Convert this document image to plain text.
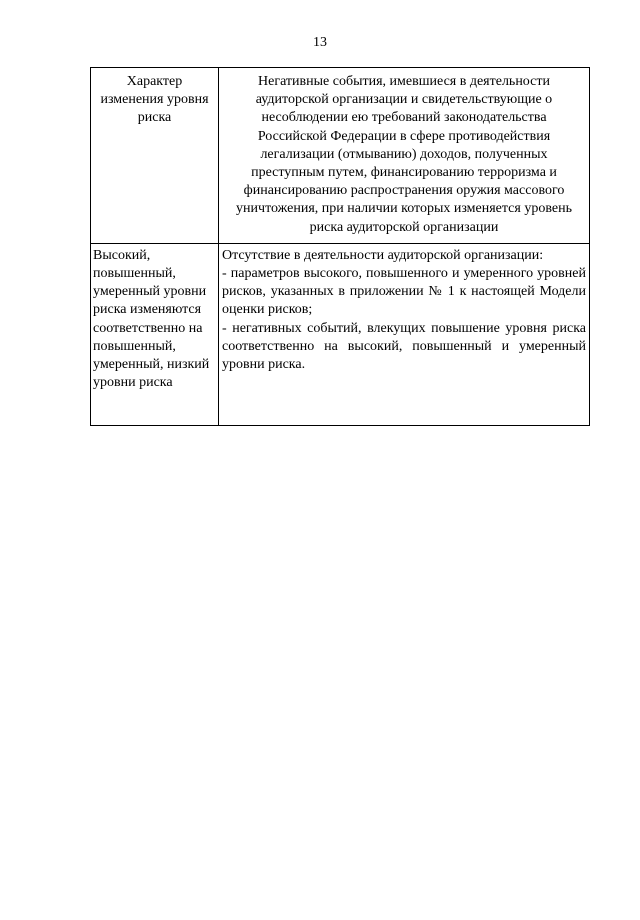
13
Характер изменения уровня риска	Негативные события, имевшиеся в деятельности аудиторской организации и свидетельствующие о несоблюдении ею требований законодательства Российской Федерации в сфере противодействия легализации (отмыванию) доходов, полученных преступным путем, финансированию терроризма и финансированию распространения оружия массового уничтожения, при наличии которых изменяется уровень риска аудиторской организации
Высокий, повышенный, умеренный уровни риска изменяются соответственно на повышенный, умеренный, низкий уровни риска	Отсутствие в деятельности аудиторской организации:
- параметров высокого, повышенного и умеренного уровней рисков, указанных в приложении № 1 к настоящей Модели оценки рисков;
- негативных событий, влекущих повышение уровня риска соответственно на высокий, повышенный и умеренный уровни риска.
